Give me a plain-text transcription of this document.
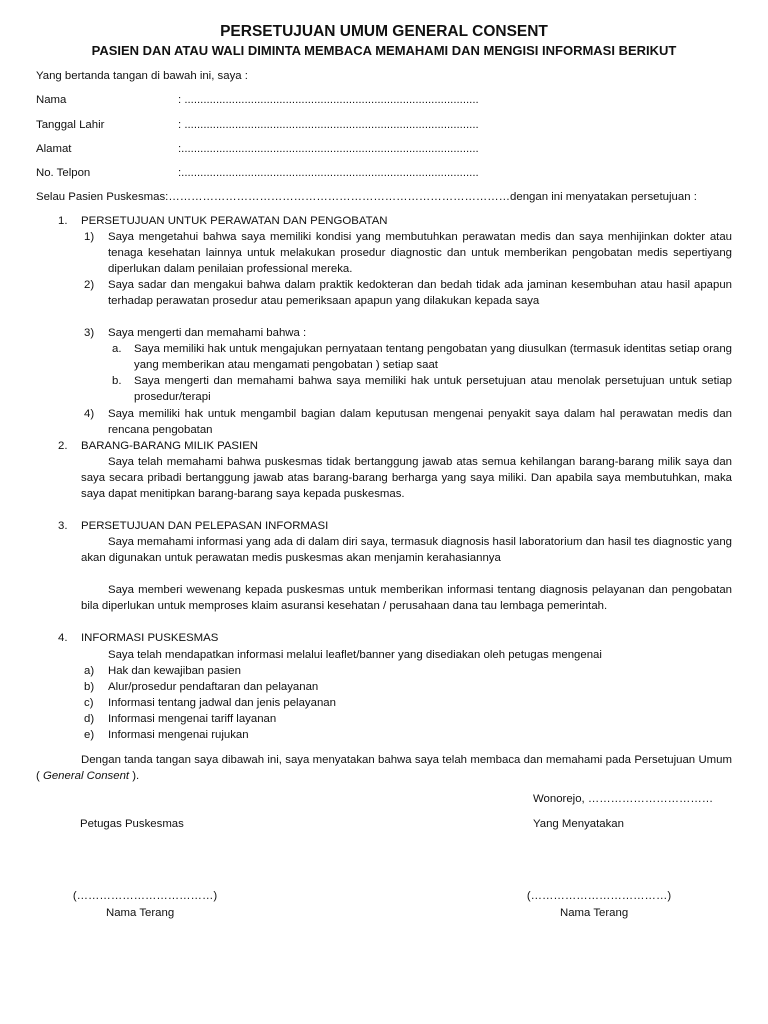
PERSETUJUAN UMUM GENERAL CONSENT
PASIEN DAN ATAU WALI DIMINTA MEMBACA MEMAHAMI DAN MENGISI INFORMASI BERIKUT
Yang bertanda tangan di bawah ini, saya :
Nama	: .............................................................................................
Tanggal Lahir	: .............................................................................................
Alamat	:..............................................................................................
No. Telpon	:..............................................................................................
Selau Pasien Puskesmas:………………………………………………………………………………dengan ini menyatakan persetujuan :
1. PERSETUJUAN UNTUK PERAWATAN DAN PENGOBATAN
1) Saya mengetahui bahwa saya memiliki kondisi yang membutuhkan perawatan medis dan saya menhijinkan dokter atau tenaga kesehatan lainnya untuk melakukan prosedur diagnostic dan untuk memberikan pengobatan medis sepertiyang diperlukan dalam penilaian professional mereka.
2) Saya sadar dan mengakui bahwa dalam praktik kedokteran dan bedah tidak ada jaminan kesembuhan atau hasil apapun terhadap perawatan prosedur atau pemeriksaan apapun yang dilakukan kepada saya
3) Saya mengerti dan memahami bahwa :
a. Saya memiliki hak untuk mengajukan pernyataan tentang pengobatan yang diusulkan (termasuk identitas setiap orang yang memberikan atau mengamati pengobatan ) setiap saat
b. Saya mengerti dan memahami bahwa saya memiliki hak untuk persetujuan atau menolak persetujuan untuk setiap prosedur/terapi
4) Saya memiliki hak untuk mengambil bagian dalam keputusan mengenai penyakit saya dalam hal perawatan medis dan rencana pengobatan
2. BARANG-BARANG MILIK PASIEN
Saya telah memahami bahwa puskesmas tidak bertanggung jawab atas semua kehilangan barang-barang milik saya dan saya secara pribadi bertanggung jawab atas barang-barang berharga yang saya miliki. Dan apabila saya membutuhkan, maka saya dapat menitipkan barang-barang saya kepada puskesmas.
3. PERSETUJUAN DAN PELEPASAN INFORMASI
Saya memahami informasi yang ada di dalam diri saya, termasuk diagnosis hasil laboratorium dan hasil tes diagnostic yang akan digunakan untuk perawatan medis puskesmas akan menjamin kerahasiannya
Saya memberi wewenang kepada puskesmas untuk memberikan informasi tentang diagnosis pelayanan dan pengobatan bila diperlukan untuk memproses klaim asuransi kesehatan / perusahaan dana tau lembaga pemerintah.
4. INFORMASI PUSKESMAS
Saya telah mendapatkan informasi melalui leaflet/banner yang disediakan oleh petugas mengenai
a) Hak dan kewajiban pasien
b) Alur/prosedur pendaftaran dan pelayanan
c) Informasi tentang jadwal dan jenis pelayanan
d) Informasi mengenai tariff layanan
e) Informasi mengenai rujukan
Dengan tanda tangan saya dibawah ini, saya menyatakan bahwa saya telah membaca dan memahami pada Persetujuan Umum ( General Consent ).
Wonorejo, ……………………………
Petugas Puskesmas	Yang Menyatakan
(………………………………)	(………………………………)
Nama Terang	Nama Terang
